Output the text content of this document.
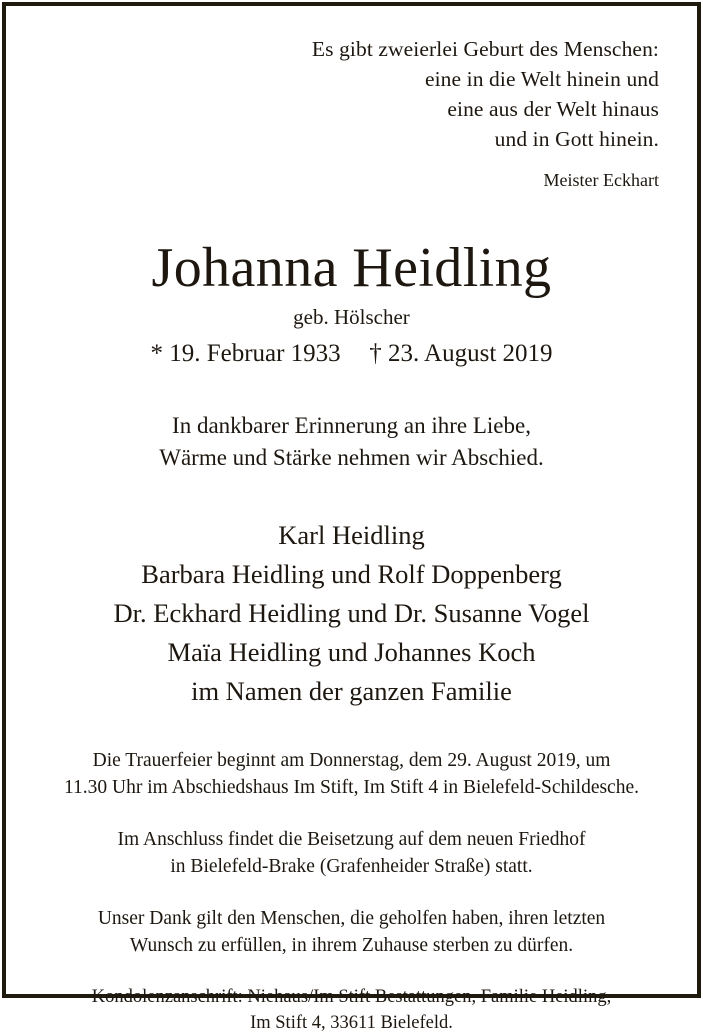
Es gibt zweierlei Geburt des Menschen:
eine in die Welt hinein und
eine aus der Welt hinaus
und in Gott hinein.
Meister Eckhart
Johanna Heidling
geb. Hölscher
* 19. Februar 1933 † 23. August 2019
In dankbarer Erinnerung an ihre Liebe,
Wärme und Stärke nehmen wir Abschied.
Karl Heidling
Barbara Heidling und Rolf Doppenberg
Dr. Eckhard Heidling und Dr. Susanne Vogel
Maïa Heidling und Johannes Koch
im Namen der ganzen Familie
Die Trauerfeier beginnt am Donnerstag, dem 29. August 2019, um
11.30 Uhr im Abschiedshaus Im Stift, Im Stift 4 in Bielefeld-Schildesche.
Im Anschluss findet die Beisetzung auf dem neuen Friedhof
in Bielefeld-Brake (Grafenheider Straße) statt.
Unser Dank gilt den Menschen, die geholfen haben, ihren letzten
Wunsch zu erfüllen, in ihrem Zuhause sterben zu dürfen.
Kondolenzanschrift: Niehaus/Im Stift Bestattungen, Familie Heidling,
Im Stift 4, 33611 Bielefeld.
